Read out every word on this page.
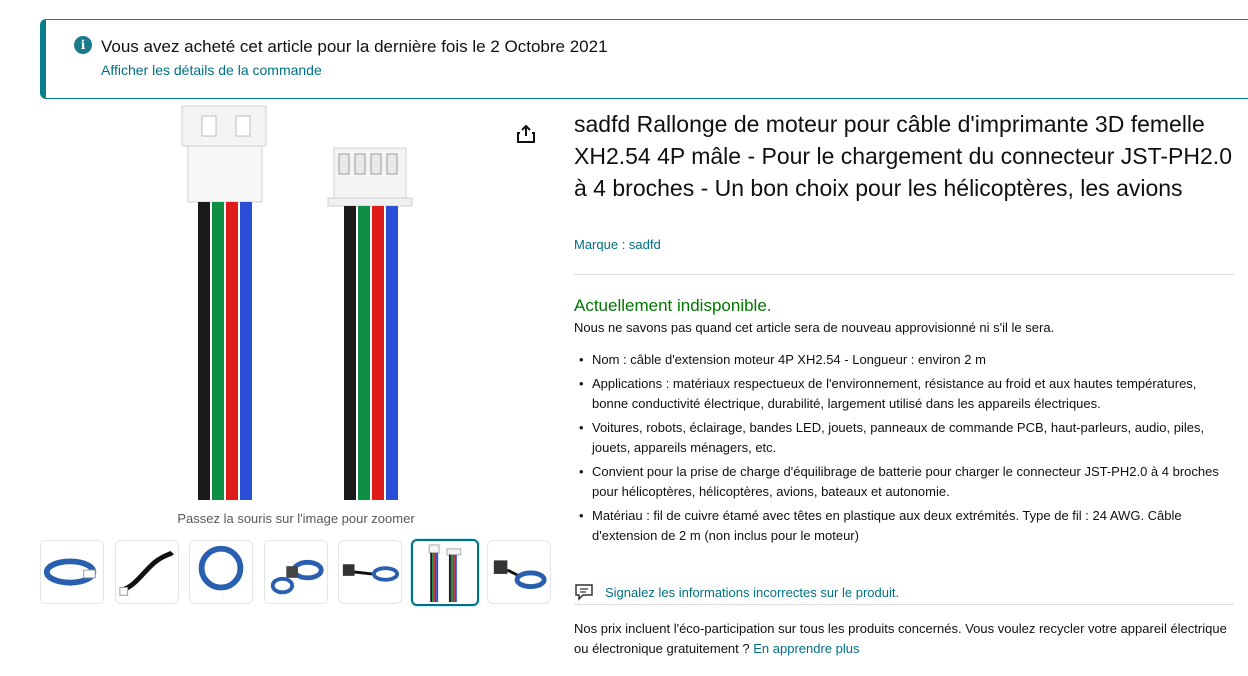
i Vous avez acheté cet article pour la dernière fois le 2 Octobre 2021
Afficher les détails de la commande
Passez la souris sur l'image pour zoomer
·
sadfd Rallonge de moteur pour câble d'imprimante 3D femelle XH2.54 4P mâle - Pour le chargement du connecteur JST-PH2.0 à 4 broches - Un bon choix pour les hélicoptères, les avions
Marque : sadfd
Actuellement indisponible.
Nous ne savons pas quand cet article sera de nouveau approvisionné ni s'il le sera.
• Nom : câble d'extension moteur 4P XH2.54 - Longueur : environ 2 m
• Applications : matériaux respectueux de l'environnement, résistance au froid et aux hautes températures, bonne conductivité électrique, durabilité, largement utilisé dans les appareils électriques.
• Voitures, robots, éclairage, bandes LED, jouets, panneaux de commande PCB, haut-parleurs, audio, piles, jouets, appareils ménagers, etc.
• Convient pour la prise de charge d'équilibrage de batterie pour charger le connecteur JST-PH2.0 à 4 broches pour hélicoptères, hélicoptères, avions, bateaux et autonomie.
• Matériau : fil de cuivre étamé avec têtes en plastique aux deux extrémités. Type de fil : 24 AWG. Câble d'extension de 2 m (non inclus pour le moteur)
Signalez les informations incorrectes sur le produit.
Nos prix incluent l'éco-participation sur tous les produits concernés. Vous voulez recycler votre appareil électrique ou électronique gratuitement ? En apprendre plus
